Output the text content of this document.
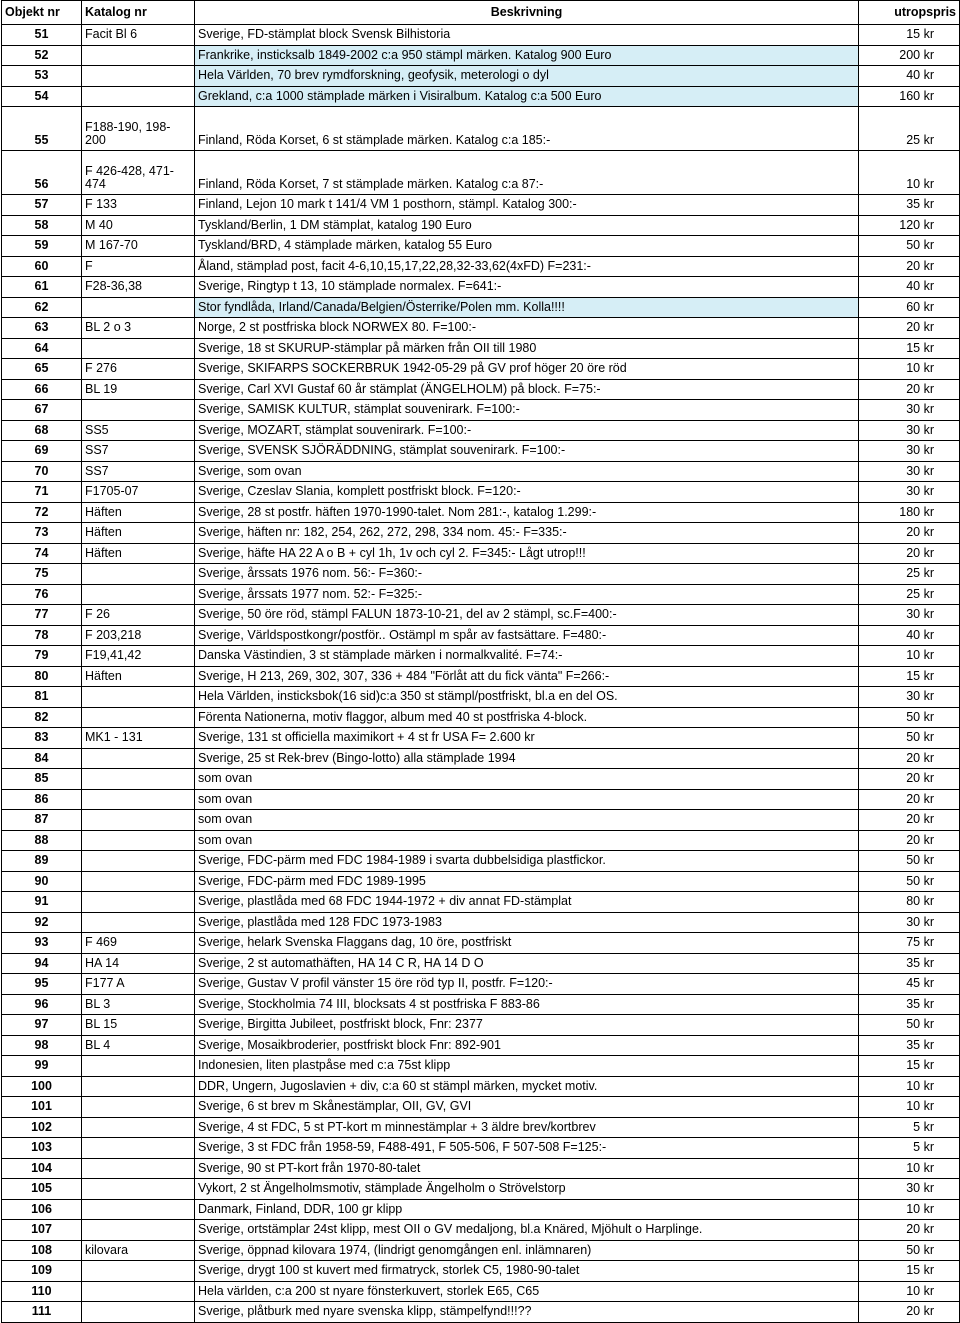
Objekt nr	Katalog nr	Beskrivning	utropspris
51	Facit Bl 6	Sverige, FD-stämplat block Svensk Bilhistoria	15 kr
52		Frankrike, insticksalb 1849-2002 c:a 950 stämpl märken. Katalog 900 Euro	200 kr
53		Hela Världen, 70 brev rymdforskning, geofysik, meterologi o dyl	40 kr
54		Grekland, c:a 1000 stämplade märken i Visiralbum. Katalog c:a 500 Euro	160 kr
55	F188-190, 198-200	Finland, Röda Korset, 6 st stämplade märken. Katalog c:a 185:-	25 kr
56	F 426-428, 471-474	Finland, Röda Korset, 7 st stämplade märken. Katalog c:a 87:-	10 kr
57	F 133	Finland, Lejon 10 mark t 141/4 VM 1 posthorn, stämpl. Katalog 300:-	35 kr
58	M 40	Tyskland/Berlin, 1 DM stämplat, katalog 190 Euro	120 kr
59	M 167-70	Tyskland/BRD, 4 stämplade märken, katalog 55 Euro	50 kr
60	F	Åland, stämplad post, facit 4-6,10,15,17,22,28,32-33,62(4xFD) F=231:-	20 kr
61	F28-36,38	Sverige, Ringtyp t 13, 10 stämplade normalex. F=641:-	40 kr
62		Stor fyndlåda, Irland/Canada/Belgien/Österrike/Polen mm. Kolla!!!!	60 kr
63	BL 2 o 3	Norge, 2 st postfriska block NORWEX 80. F=100:-	20 kr
64		Sverige, 18 st SKURUP-stämplar på märken från OII till 1980	15 kr
65	F 276	Sverige, SKIFARPS SOCKERBRUK 1942-05-29 på GV prof höger 20 öre röd	10 kr
66	BL 19	Sverige, Carl XVI Gustaf 60 år stämplat (ÄNGELHOLM) på block. F=75:-	20 kr
67		Sverige, SAMISK KULTUR, stämplat souvenirark. F=100:-	30 kr
68	SS5	Sverige, MOZART, stämplat souvenirark. F=100:-	30 kr
69	SS7	Sverige, SVENSK SJÖRÄDDNING, stämplat souvenirark. F=100:-	30 kr
70	SS7	Sverige, som ovan	30 kr
71	F1705-07	Sverige, Czeslav Slania, komplett postfriskt block. F=120:-	30 kr
72	Häften	Sverige, 28 st postfr. häften 1970-1990-talet. Nom 281:-, katalog 1.299:-	180 kr
73	Häften	Sverige, häften nr: 182, 254, 262, 272, 298, 334 nom. 45:- F=335:-	20 kr
74	Häften	Sverige, häfte HA 22 A o B + cyl 1h, 1v och cyl 2. F=345:- Lågt utrop!!!	20 kr
75		Sverige, årssats 1976 nom. 56:- F=360:-	25 kr
76		Sverige, årssats 1977 nom. 52:- F=325:-	25 kr
77	F 26	Sverige, 50 öre röd, stämpl FALUN 1873-10-21, del av 2 stämpl, sc.F=400:-	30 kr
78	F 203,218	Sverige, Världspostkongr/postför.. Ostämpl m spår av fastsättare. F=480:-	40 kr
79	F19,41,42	Danska Västindien, 3 st stämplade märken i normalkvalité. F=74:-	10 kr
80	Häften	Sverige, H 213, 269, 302, 307, 336 + 484 "Förlåt att du fick vänta" F=266:-	15 kr
81		Hela Världen, insticksbok(16 sid)c:a 350 st stämpl/postfriskt, bl.a en del OS.	30 kr
82		Förenta Nationerna, motiv flaggor, album med 40 st postfriska 4-block.	50 kr
83	MK1 - 131	Sverige, 131 st officiella maximikort + 4 st fr USA F= 2.600 kr	50 kr
84		Sverige, 25 st Rek-brev (Bingo-lotto) alla stämplade 1994	20 kr
85		som ovan	20 kr
86		som ovan	20 kr
87		som ovan	20 kr
88		som ovan	20 kr
89		Sverige, FDC-pärm med FDC 1984-1989 i svarta dubbelsidiga plastfickor.	50 kr
90		Sverige, FDC-pärm med FDC 1989-1995	50 kr
91		Sverige, plastlåda med 68 FDC 1944-1972 + div annat FD-stämplat	80 kr
92		Sverige, plastlåda med 128 FDC 1973-1983	30 kr
93	F 469	Sverige, helark Svenska Flaggans dag, 10 öre, postfriskt	75 kr
94	HA 14	Sverige, 2 st automathäften, HA 14 C R, HA 14 D O	35 kr
95	F177 A	Sverige, Gustav V profil vänster 15 öre röd typ II, postfr. F=120:-	45 kr
96	BL 3	Sverige, Stockholmia 74 III, blocksats 4 st postfriska F 883-86	35 kr
97	BL 15	Sverige, Birgitta Jubileet, postfriskt block, Fnr: 2377	50 kr
98	BL 4	Sverige, Mosaikbroderier, postfriskt block Fnr: 892-901	35 kr
99		Indonesien, liten plastpåse med c:a 75st klipp	15 kr
100		DDR, Ungern, Jugoslavien + div, c:a 60 st stämpl märken, mycket motiv.	10 kr
101		Sverige, 6 st brev m Skånestämplar, OII, GV, GVI	10 kr
102		Sverige, 4 st FDC, 5 st PT-kort m minnestämplar + 3 äldre brev/kortbrev	5 kr
103		Sverige, 3 st FDC från 1958-59, F488-491, F 505-506, F 507-508 F=125:-	5 kr
104		Sverige, 90 st PT-kort från 1970-80-talet	10 kr
105		Vykort, 2 st Ängelholmsmotiv, stämplade Ängelholm o Strövelstorp	30 kr
106		Danmark, Finland, DDR, 100 gr klipp	10 kr
107		Sverige, ortstämplar 24st klipp, mest OII o GV medaljong, bl.a Knäred, Mjöhult o Harplinge.	20 kr
108	kilovara	Sverige, öppnad kilovara 1974, (lindrigt genomgången enl. inlämnaren)	50 kr
109		Sverige, drygt 100 st kuvert med firmatryck, storlek C5, 1980-90-talet	15 kr
110		Hela världen, c:a 200 st nyare fönsterkuvert, storlek E65, C65	10 kr
111		Sverige, plåtburk med nyare svenska klipp, stämpelfynd!!!??	20 kr
